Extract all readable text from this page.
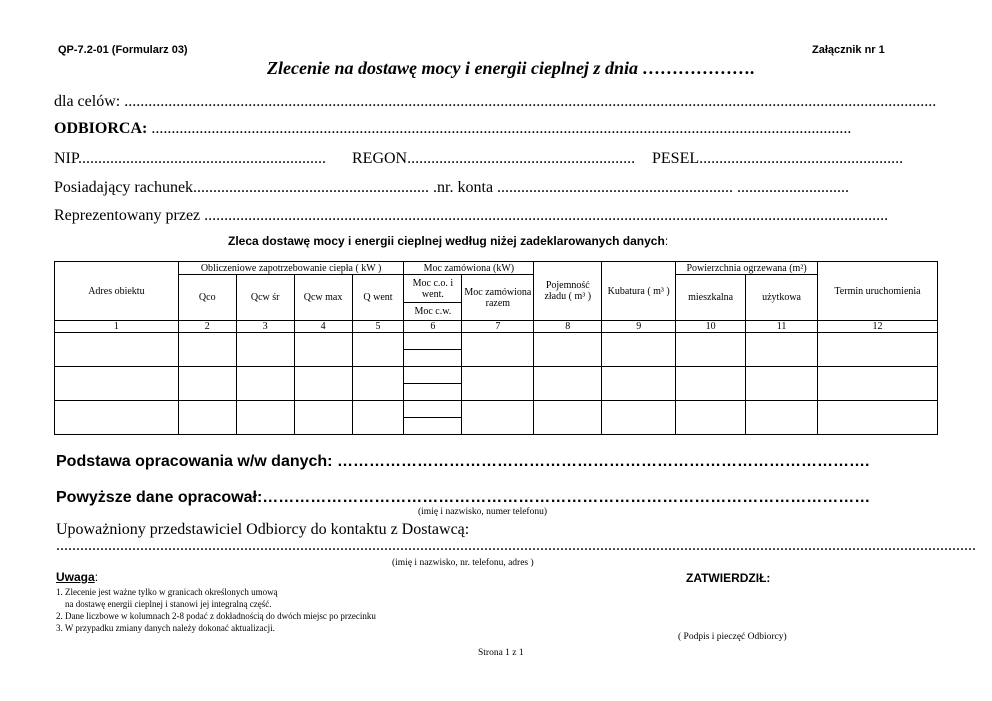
QP-7.2-01 (Formularz 03)	Załącznik nr 1
Zlecenie na dostawę mocy i energii cieplnej z dnia ……………….
dla celów: ...........................................................................................................................................................................................................
ODBIORCA: ...............................................................................................................................................................................
NIP.............................................................. REGON......................................................... PESEL...................................................
Posiadający rachunek........................................................... .nr. konta ........................................................... ............................
Reprezentowany przez ...........................................................................................................................................................................
Zleca dostawę mocy i energii cieplnej według niżej zadeklarowanych danych:
Adres obiektu	Obliczeniowe zapotrzebowanie ciepła ( kW )				Moc zamówiona (kW)		Pojemność zładu ( m³ )	Kubatura ( m³ )	Powierzchnia ogrzewana (m²)		Termin uruchomienia
	Qco	Qcw śr	Qcw max	Q went	Moc c.o. i went.	Moc zamówiona razem			mieszkalna	użytkowa	
					Moc c.w.						
1	2	3	4	5	6	7	8	9	10	11	12

Podstawa opracowania w/w danych: ……………………………………………………………………………………….
Powyższe dane opracował:……………………………………………………………………………………………………
(imię i nazwisko, numer telefonu)
Upoważniony przedstawiciel Odbiorcy do kontaktu z Dostawcą:
......................................................................................................................................................................................................................................
(imię i nazwisko, nr. telefonu, adres )
Uwaga:
1. Zlecenie jest ważne tylko w granicach określonych umową
na dostawę energii cieplnej i stanowi jej integralną część.
2. Dane liczbowe w kolumnach 2-8 podać z dokładnością do dwóch miejsc po przecinku
3. W przypadku zmiany danych należy dokonać aktualizacji.
ZATWIERDZIŁ:
( Podpis i pieczęć Odbiorcy)
Strona 1 z 1
